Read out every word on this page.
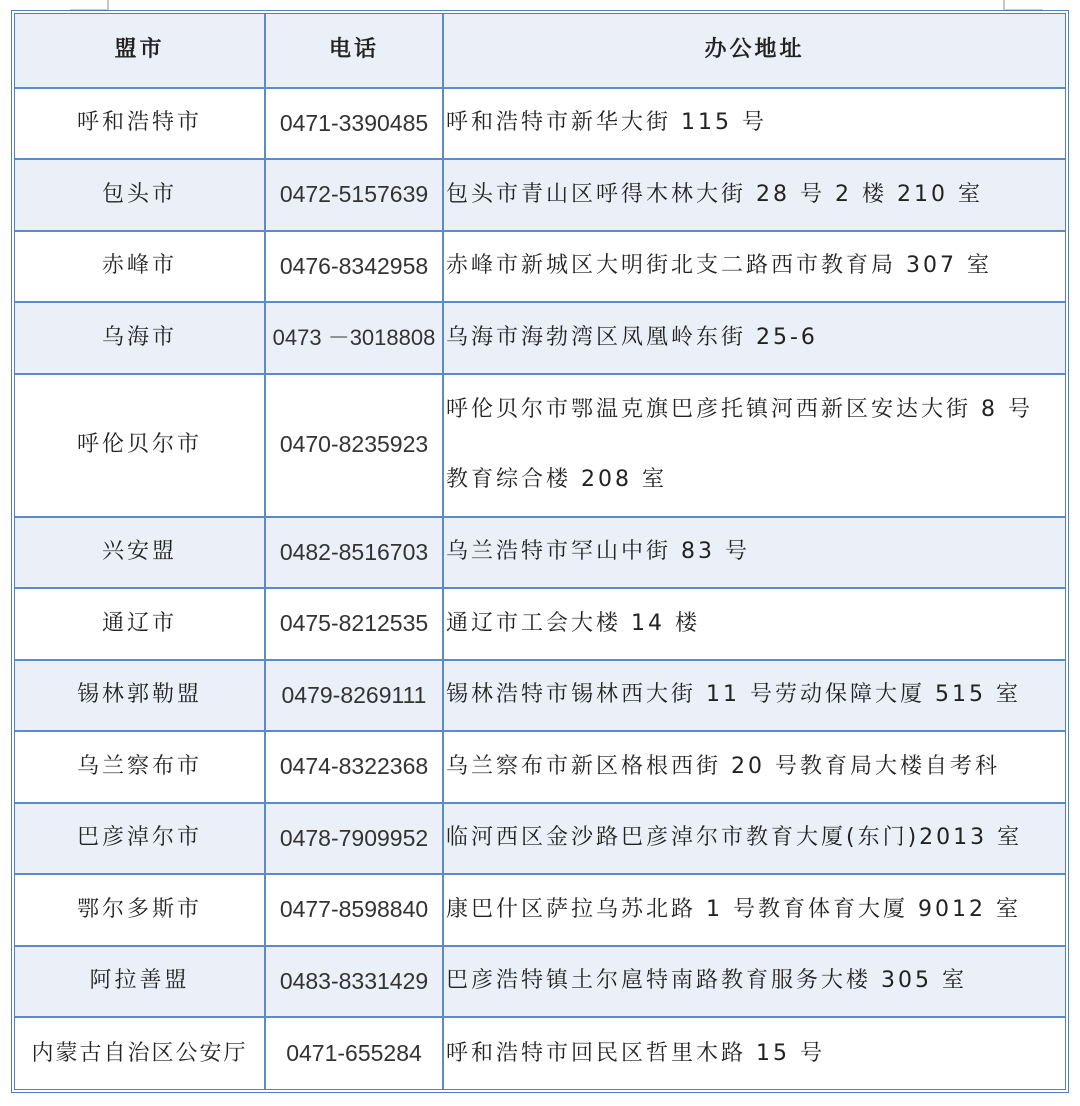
盟市	电话	办公地址
呼和浩特市	0471-3390485	呼和浩特市新华大街 115 号
包头市	0472-5157639	包头市青山区呼得木林大街 28 号 2 楼 210 室
赤峰市	0476-8342958	赤峰市新城区大明街北支二路西市教育局 307 室
乌海市	0473 －3018808	乌海市海勃湾区凤凰岭东街 25-6
呼伦贝尔市	0470-8235923	呼伦贝尔市鄂温克旗巴彦托镇河西新区安达大街 8 号
教育综合楼 208 室

兴安盟	0482-8516703	乌兰浩特市罕山中街 83 号
通辽市	0475-8212535	通辽市工会大楼 14 楼
锡林郭勒盟	0479-8269111	锡林浩特市锡林西大街 11 号劳动保障大厦 515 室
乌兰察布市	0474-8322368	乌兰察布市新区格根西街 20 号教育局大楼自考科
巴彦淖尔市	0478-7909952	临河西区金沙路巴彦淖尔市教育大厦(东门)2013 室
鄂尔多斯市	0477-8598840	康巴什区萨拉乌苏北路 1 号教育体育大厦 9012 室
阿拉善盟	0483-8331429	巴彦浩特镇土尔扈特南路教育服务大楼 305 室
内蒙古自治区公安厅	0471-655284	呼和浩特市回民区哲里木路 15 号
